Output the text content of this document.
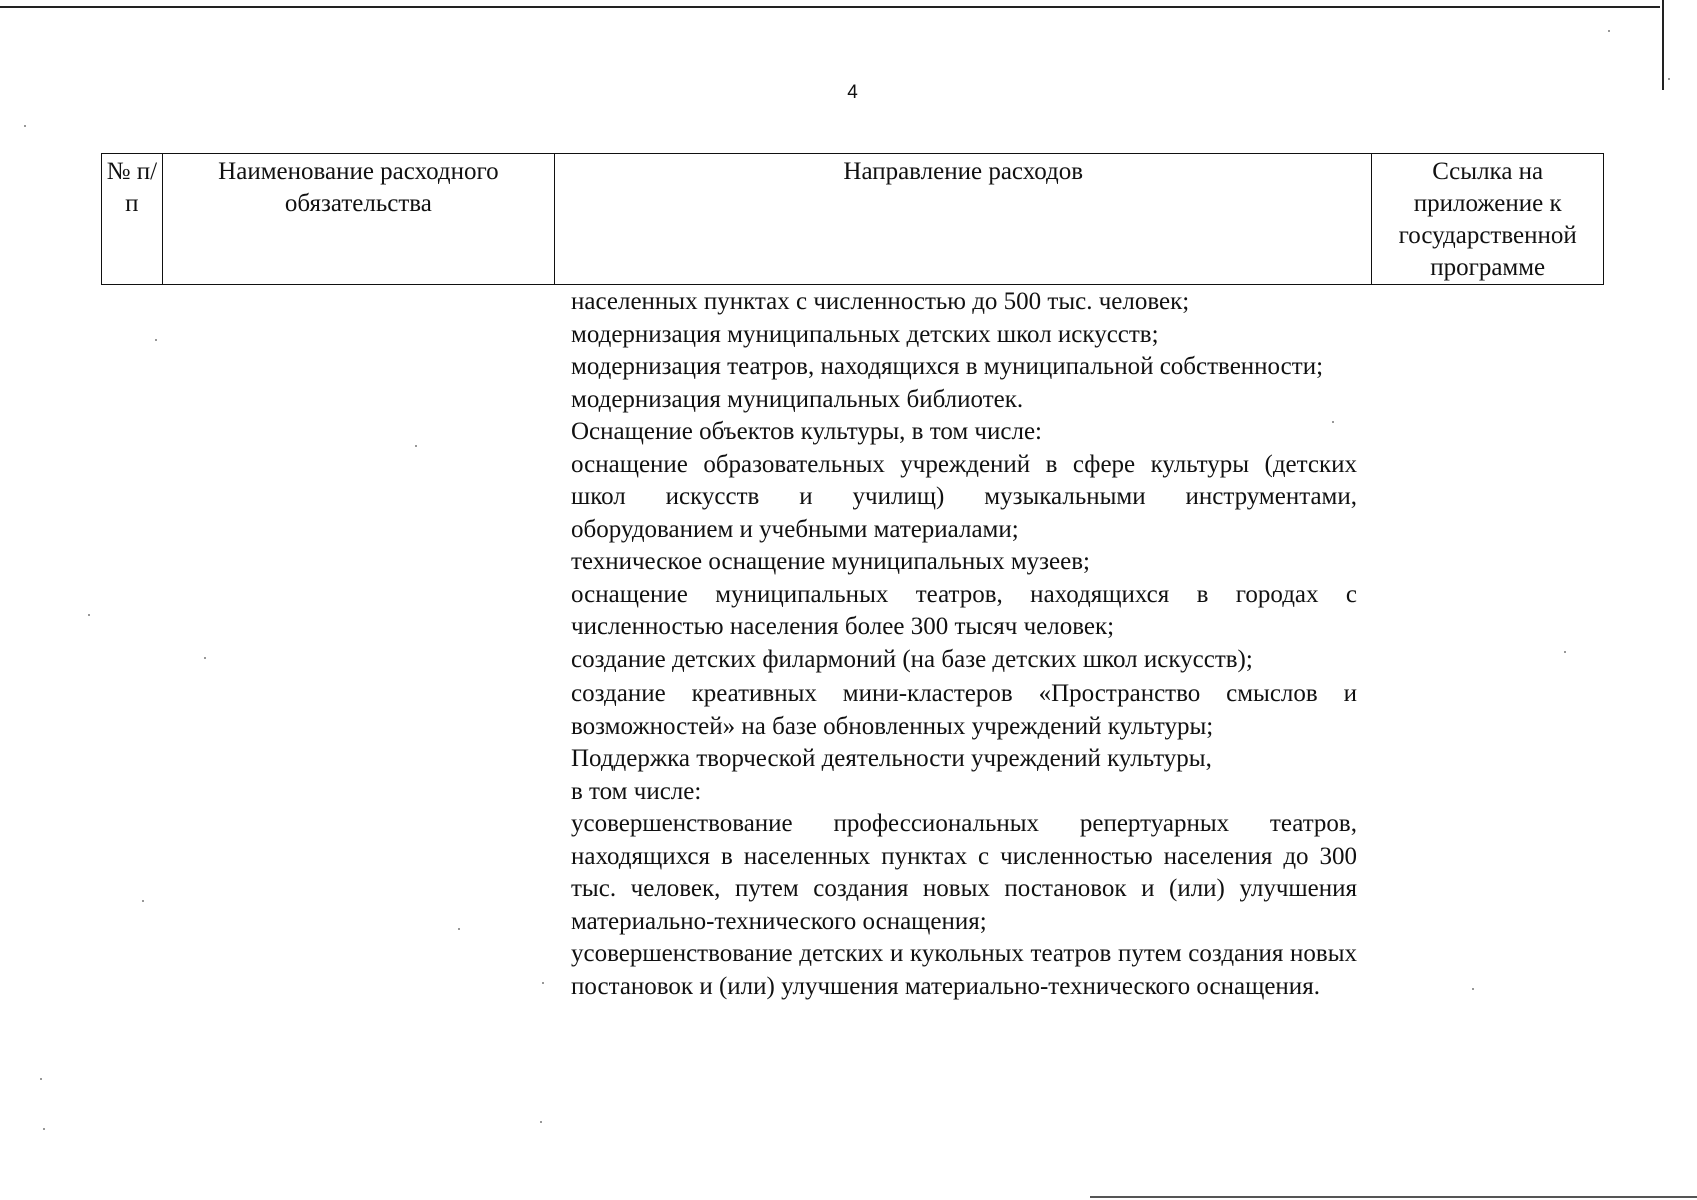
4
№ п/п	Наименование расходного обязательства	Направление расходов	Ссылка на приложение к государственной программе

населенных пунктах с численностью до 500 тыс. человек;

модернизация муниципальных детских школ искусств;

модернизация театров, находящихся в муниципальной собственности;

модернизация муниципальных библиотек.

Оснащение объектов культуры, в том числе:

оснащение образовательных учреждений в сфере культуры (детских школ искусств и училищ) музыкальными инструментами, оборудованием и учебными материалами;

техническое оснащение муниципальных музеев;

оснащение муниципальных театров, находящихся в городах с численностью населения более 300 тысяч человек;

создание детских филармоний (на базе детских школ искусств);

создание креативных мини-кластеров «Пространство смыслов и возможностей» на базе обновленных учреждений культуры;

Поддержка творческой деятельности учреждений культуры,

в том числе:

усовершенствование профессиональных репертуарных театров, находящихся в населенных пунктах с численностью населения до 300 тыс. человек, путем создания новых постановок и (или) улучшения материально-технического оснащения;

усовершенствование детских и кукольных театров путем создания новых постановок и (или) улучшения материально-технического оснащения.
